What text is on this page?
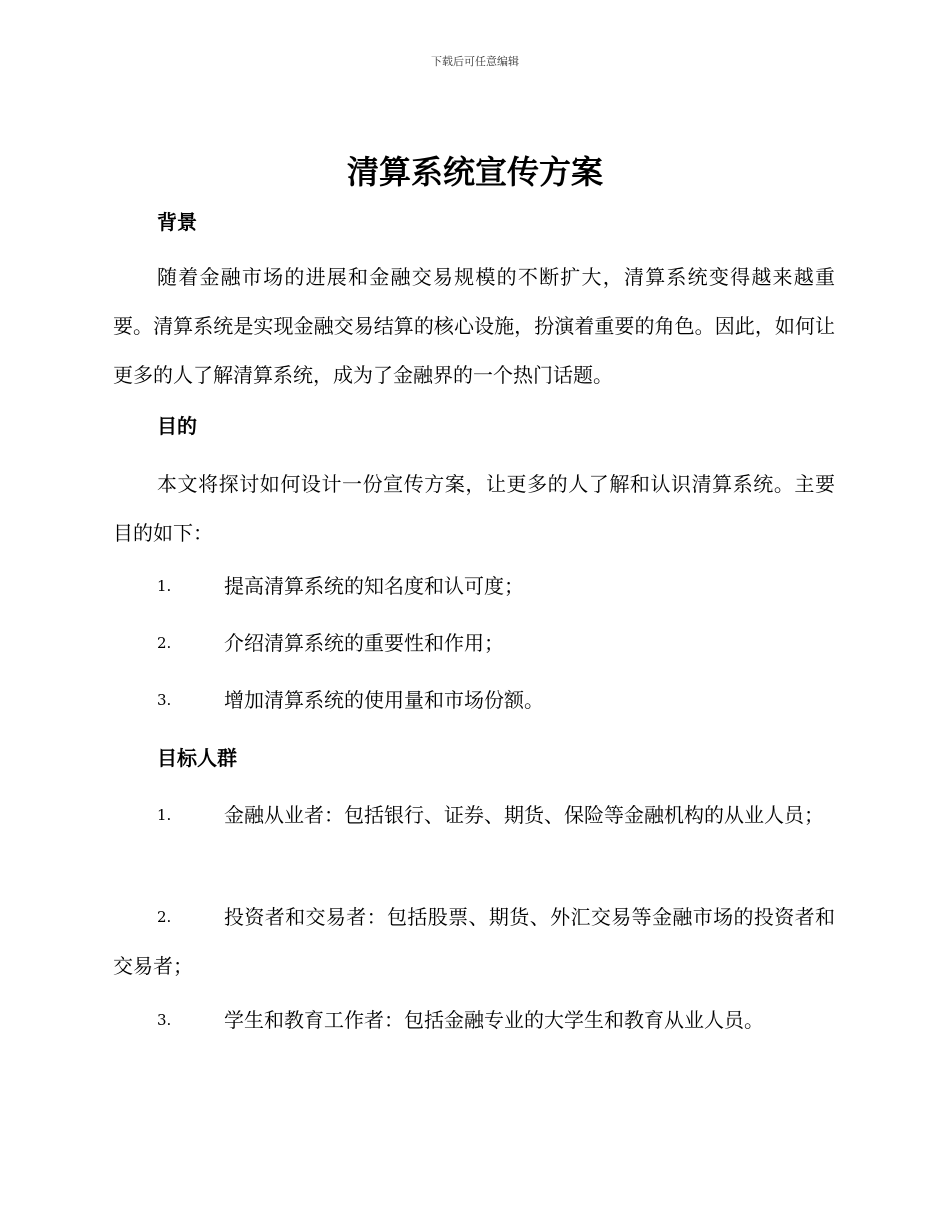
下载后可任意编辑
清算系统宣传方案
背景

随着金融市场的进展和金融交易规模的不断扩大，清算系统变得越来越重要。清算系统是实现金融交易结算的核心设施，扮演着重要的角色。因此，如何让更多的人了解清算系统，成为了金融界的一个热门话题。

目的

本文将探讨如何设计一份宣传方案，让更多的人了解和认识清算系统。主要目的如下：

1.	提高清算系统的知名度和认可度；
2.	介绍清算系统的重要性和作用；
3.	增加清算系统的使用量和市场份额。
目标人群
1.	金融从业者：包括银行、证券、期货、保险等金融机构的从业人员；
2.	投资者和交易者：包括股票、期货、外汇交易等金融市场的投资者和交易者；
3.	学生和教育工作者：包括金融专业的大学生和教育从业人员。
